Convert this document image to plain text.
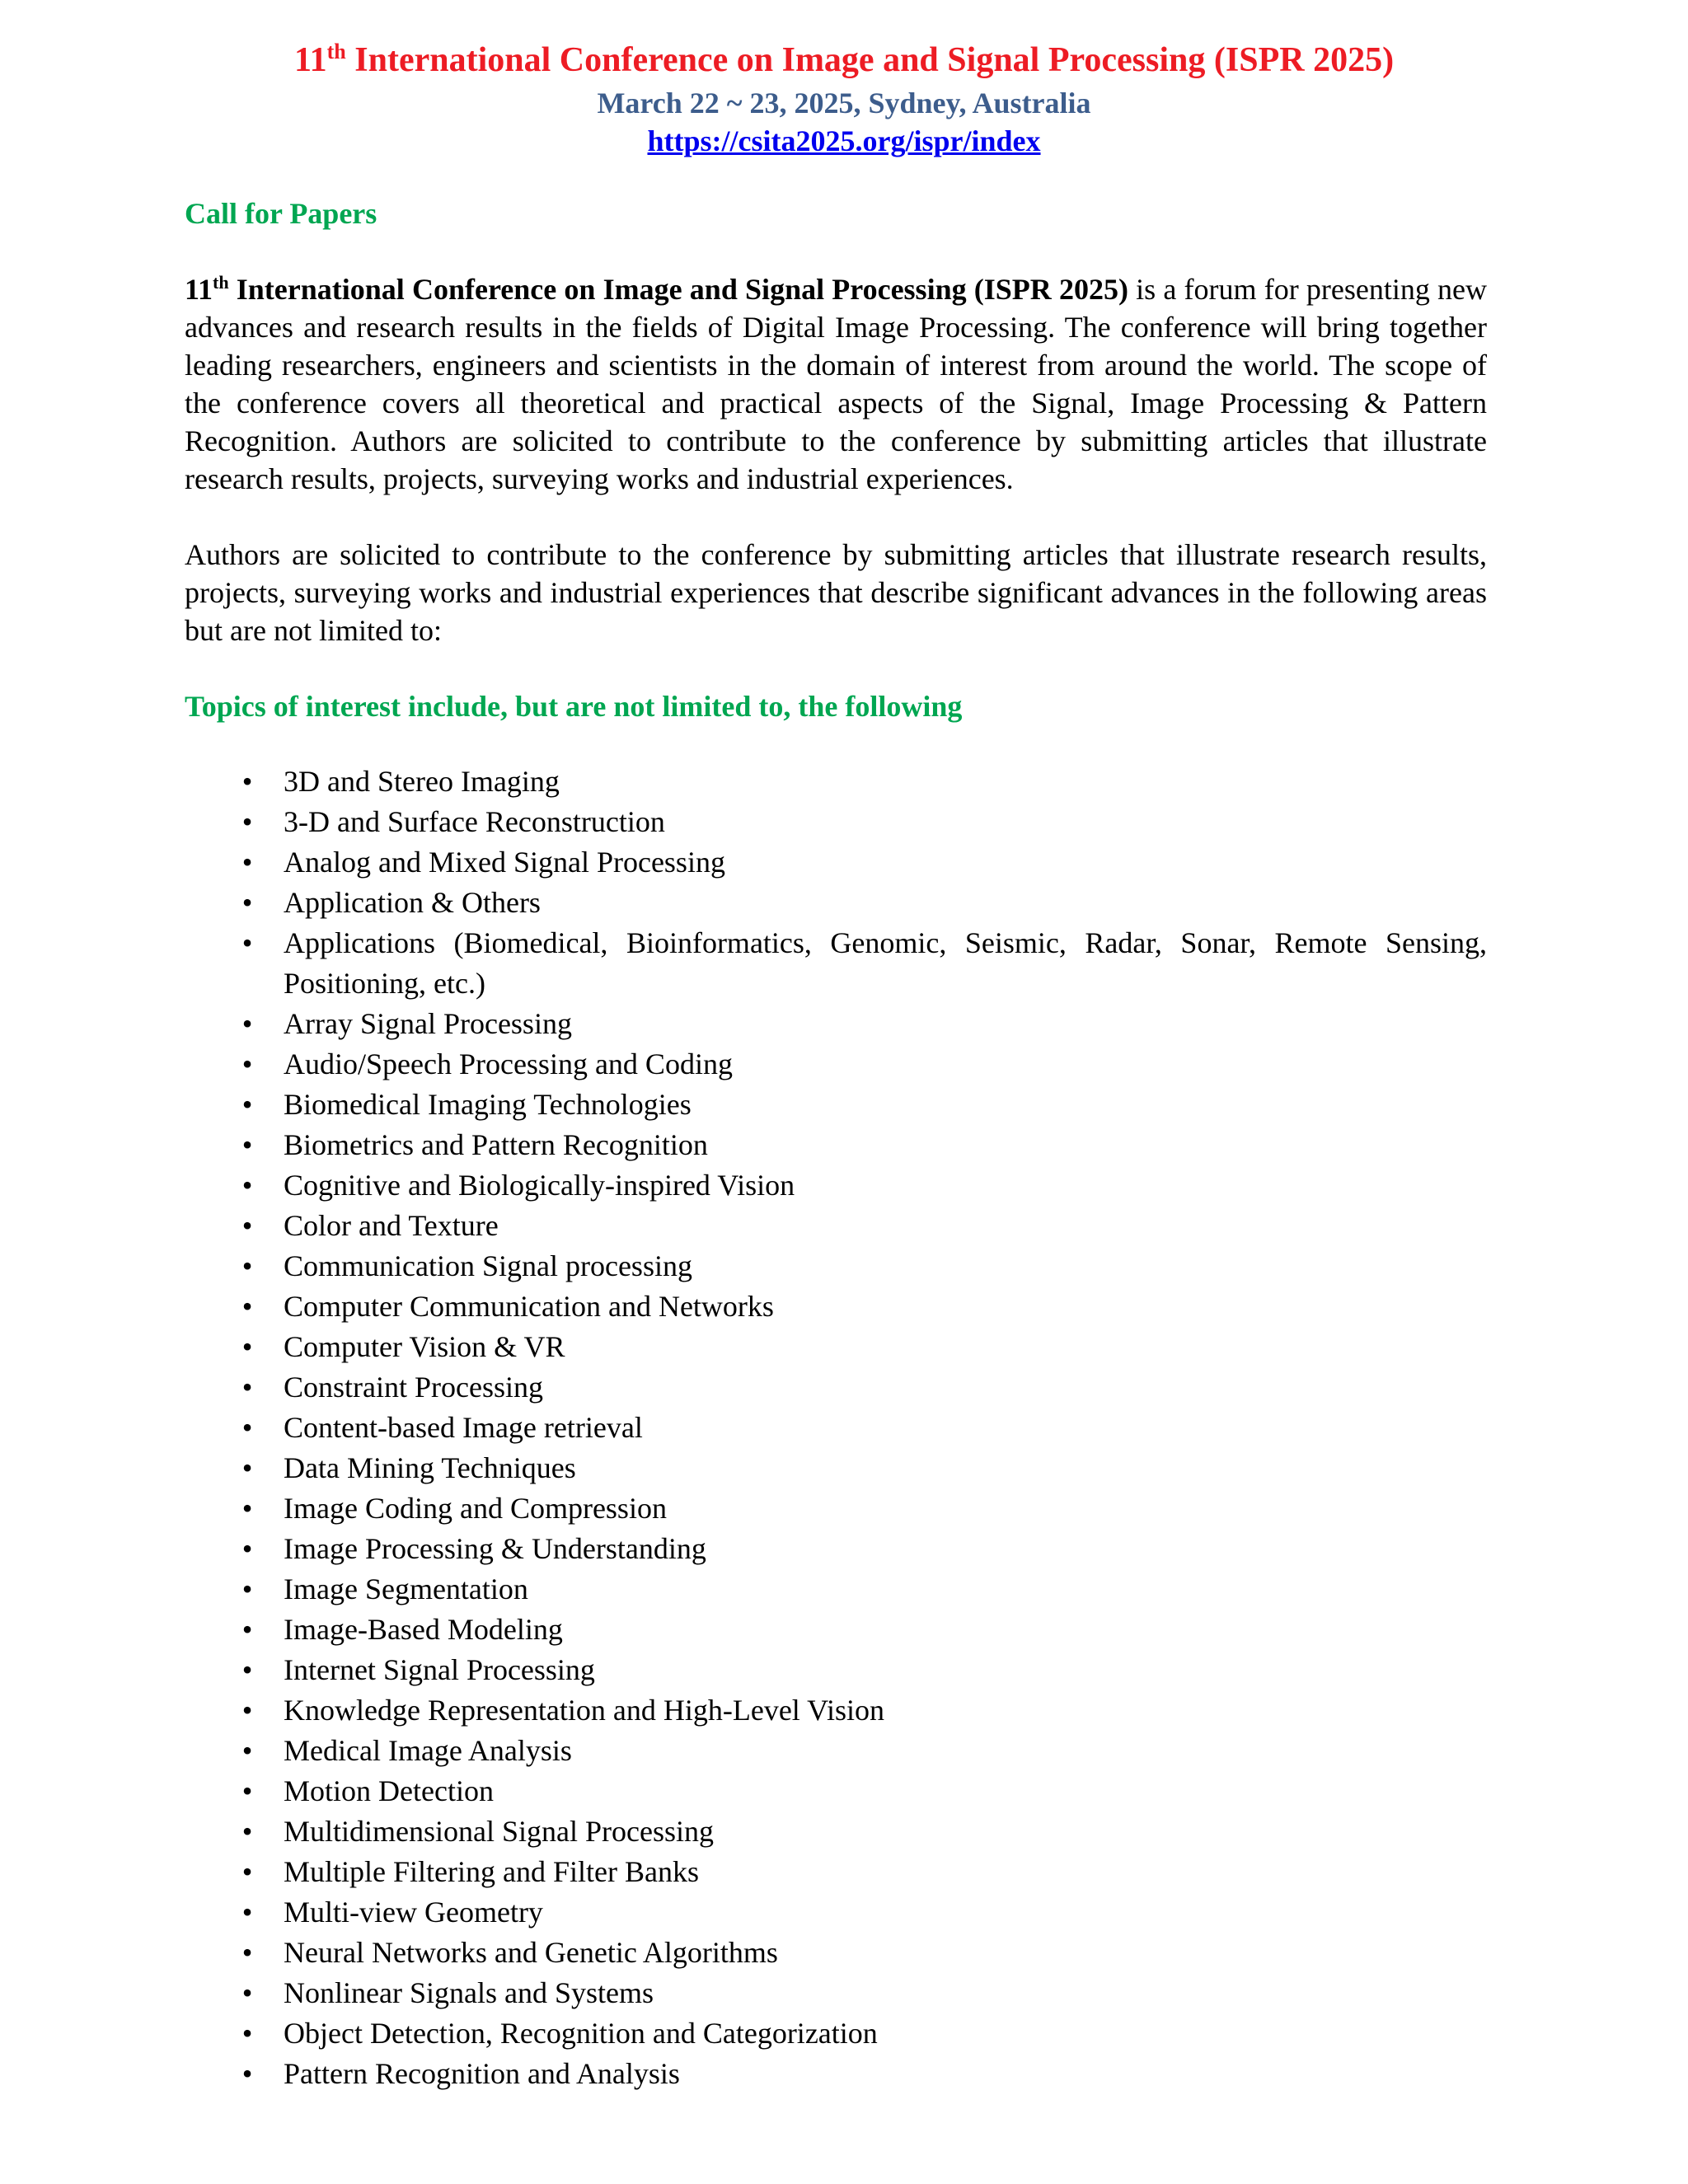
11th International Conference on Image and Signal Processing (ISPR 2025)

March 22 ~ 23, 2025, Sydney, Australia

https://csita2025.org/ispr/index

Call for Papers

11th International Conference on Image and Signal Processing (ISPR 2025) is a forum for presenting new advances and research results in the fields of Digital Image Processing. The conference will bring together leading researchers, engineers and scientists in the domain of interest from around the world. The scope of the conference covers all theoretical and practical aspects of the Signal, Image Processing & Pattern Recognition. Authors are solicited to contribute to the conference by submitting articles that illustrate research results, projects, surveying works and industrial experiences.

Authors are solicited to contribute to the conference by submitting articles that illustrate research results, projects, surveying works and industrial experiences that describe significant advances in the following areas but are not limited to:

Topics of interest include, but are not limited to, the following

• 3D and Stereo Imaging
• 3-D and Surface Reconstruction
• Analog and Mixed Signal Processing
• Application & Others
• Applications (Biomedical, Bioinformatics, Genomic, Seismic, Radar, Sonar, Remote Sensing, Positioning, etc.)
• Array Signal Processing
• Audio/Speech Processing and Coding
• Biomedical Imaging Technologies
• Biometrics and Pattern Recognition
• Cognitive and Biologically-inspired Vision
• Color and Texture
• Communication Signal processing
• Computer Communication and Networks
• Computer Vision & VR
• Constraint Processing
• Content-based Image retrieval
• Data Mining Techniques
• Image Coding and Compression
• Image Processing & Understanding
• Image Segmentation
• Image-Based Modeling
• Internet Signal Processing
• Knowledge Representation and High-Level Vision
• Medical Image Analysis
• Motion Detection
• Multidimensional Signal Processing
• Multiple Filtering and Filter Banks
• Multi-view Geometry
• Neural Networks and Genetic Algorithms
• Nonlinear Signals and Systems
• Object Detection, Recognition and Categorization
• Pattern Recognition and Analysis
